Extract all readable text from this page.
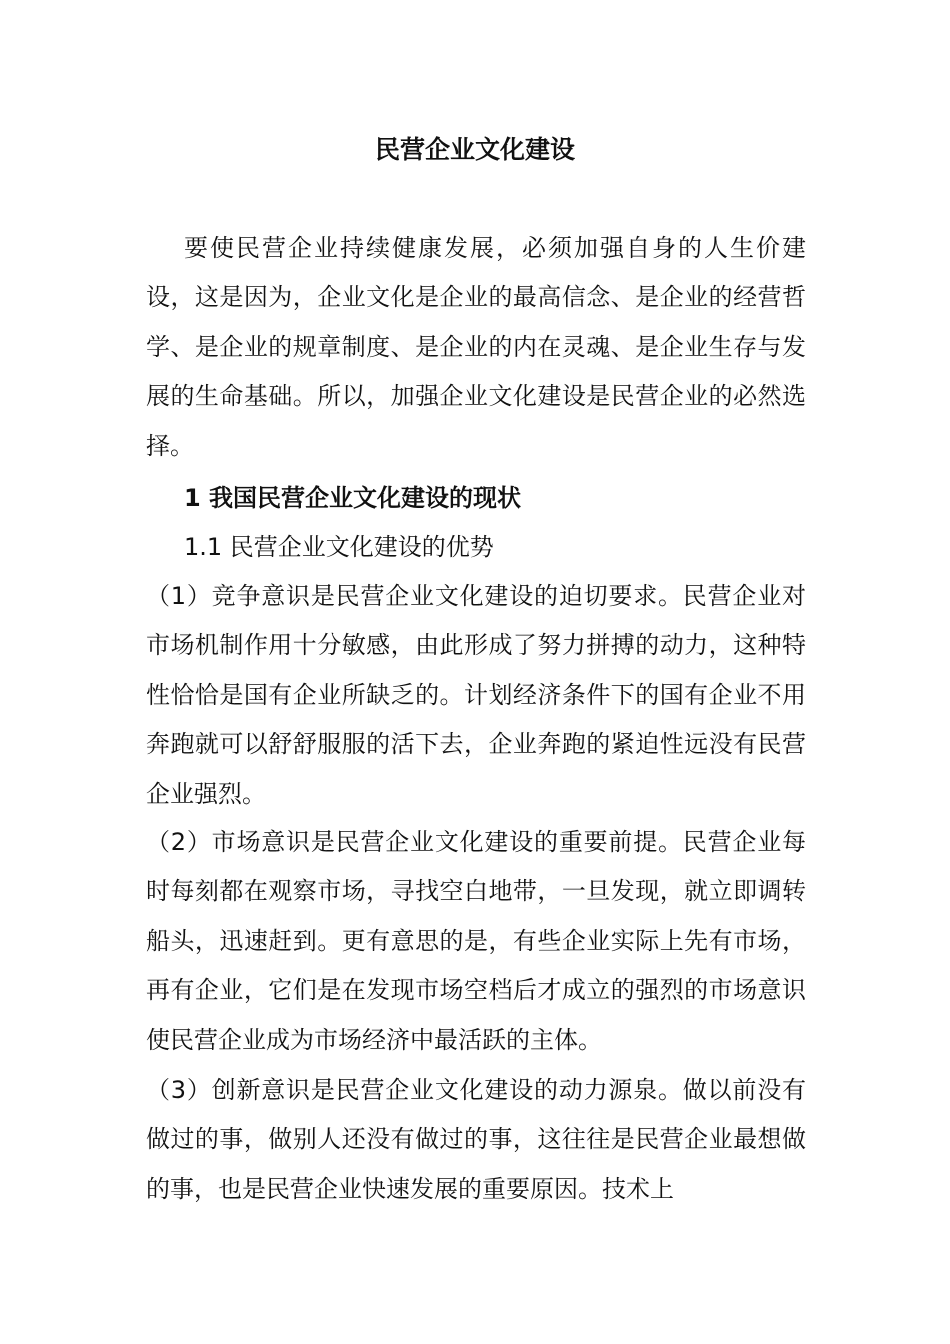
民营企业文化建设
要使民营企业持续健康发展，必须加强自身的人生价建设，这是因为，企业文化是企业的最高信念、是企业的经营哲学、是企业的规章制度、是企业的内在灵魂、是企业生存与发展的生命基础。所以，加强企业文化建设是民营企业的必然选择。
1 我国民营企业文化建设的现状
1.1 民营企业文化建设的优势
（1）竞争意识是民营企业文化建设的迫切要求。民营企业对市场机制作用十分敏感，由此形成了努力拼搏的动力，这种特性恰恰是国有企业所缺乏的。计划经济条件下的国有企业不用奔跑就可以舒舒服服的活下去，企业奔跑的紧迫性远没有民营企业强烈。
（2）市场意识是民营企业文化建设的重要前提。民营企业每时每刻都在观察市场，寻找空白地带，一旦发现，就立即调转船头，迅速赶到。更有意思的是，有些企业实际上先有市场，再有企业，它们是在发现市场空档后才成立的强烈的市场意识使民营企业成为市场经济中最活跃的主体。
（3）创新意识是民营企业文化建设的动力源泉。做以前没有做过的事，做别人还没有做过的事，这往往是民营企业最想做的事，也是民营企业快速发展的重要原因。技术上
